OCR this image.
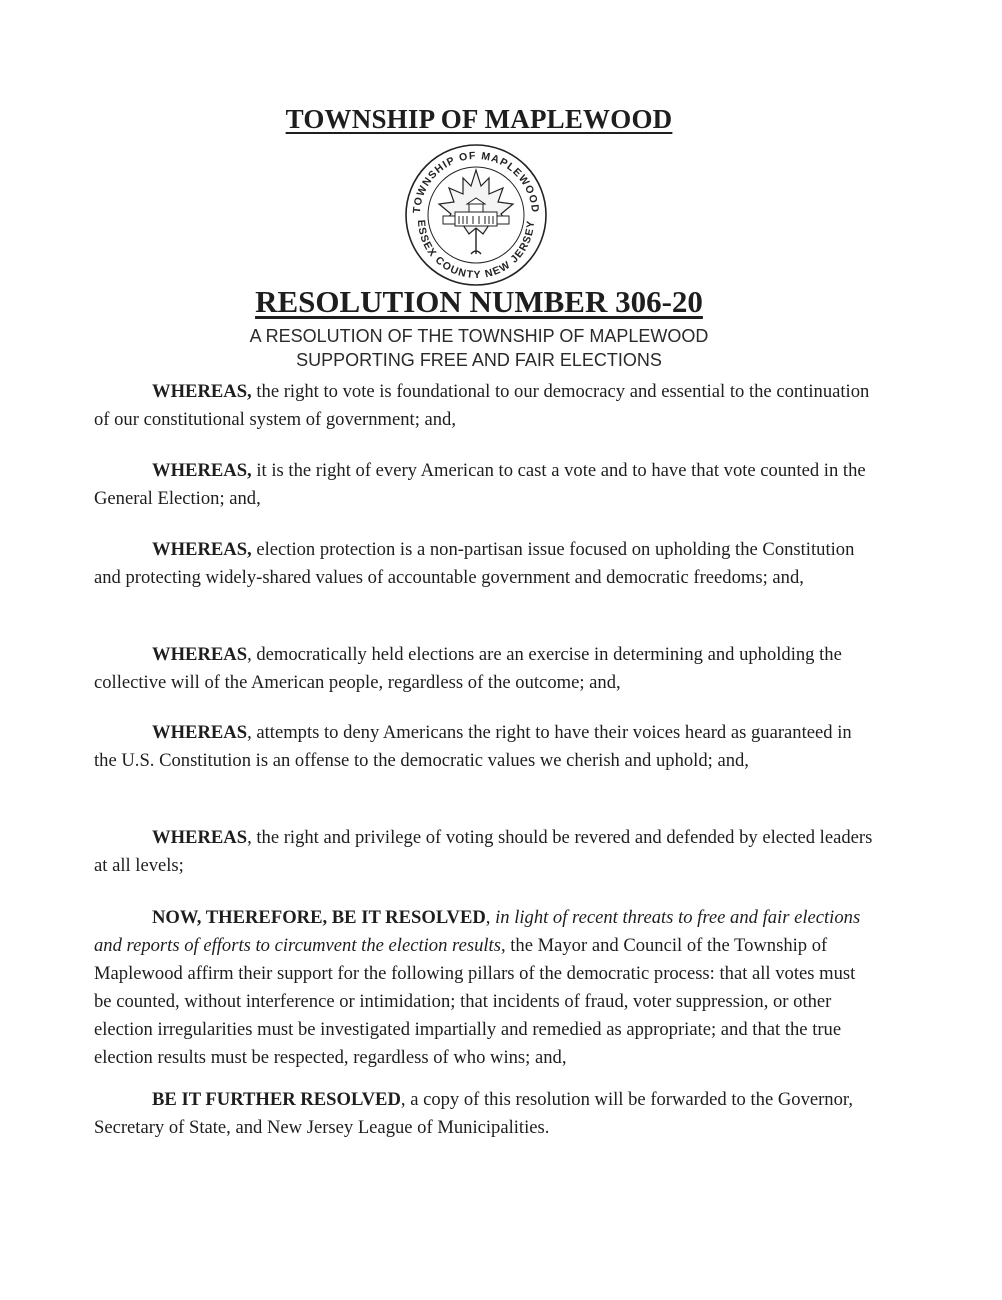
TOWNSHIP OF MAPLEWOOD
TOWNSHIP OF MAPLEWOOD
ESSEX COUNTY NEW JERSEY
RESOLUTION NUMBER 306-20
A RESOLUTION OF THE TOWNSHIP OF MAPLEWOOD
SUPPORTING FREE AND FAIR ELECTIONS

WHEREAS, the right to vote is foundational to our democracy and essential to the continuation of our constitutional system of government; and,

WHEREAS, it is the right of every American to cast a vote and to have that vote counted in the General Election; and,

WHEREAS, election protection is a non-partisan issue focused on upholding the Constitution and protecting widely-shared values of accountable government and democratic freedoms; and,

WHEREAS, democratically held elections are an exercise in determining and upholding the collective will of the American people, regardless of the outcome; and,

WHEREAS, attempts to deny Americans the right to have their voices heard as guaranteed in the U.S. Constitution is an offense to the democratic values we cherish and uphold; and,

WHEREAS, the right and privilege of voting should be revered and defended by elected leaders at all levels;

NOW, THEREFORE, BE IT RESOLVED, in light of recent threats to free and fair elections and reports of efforts to circumvent the election results, the Mayor and Council of the Township of Maplewood affirm their support for the following pillars of the democratic process: that all votes must be counted, without interference or intimidation; that incidents of fraud, voter suppression, or other election irregularities must be investigated impartially and remedied as appropriate; and that the true election results must be respected, regardless of who wins; and,

BE IT FURTHER RESOLVED, a copy of this resolution will be forwarded to the Governor, Secretary of State, and New Jersey League of Municipalities.
